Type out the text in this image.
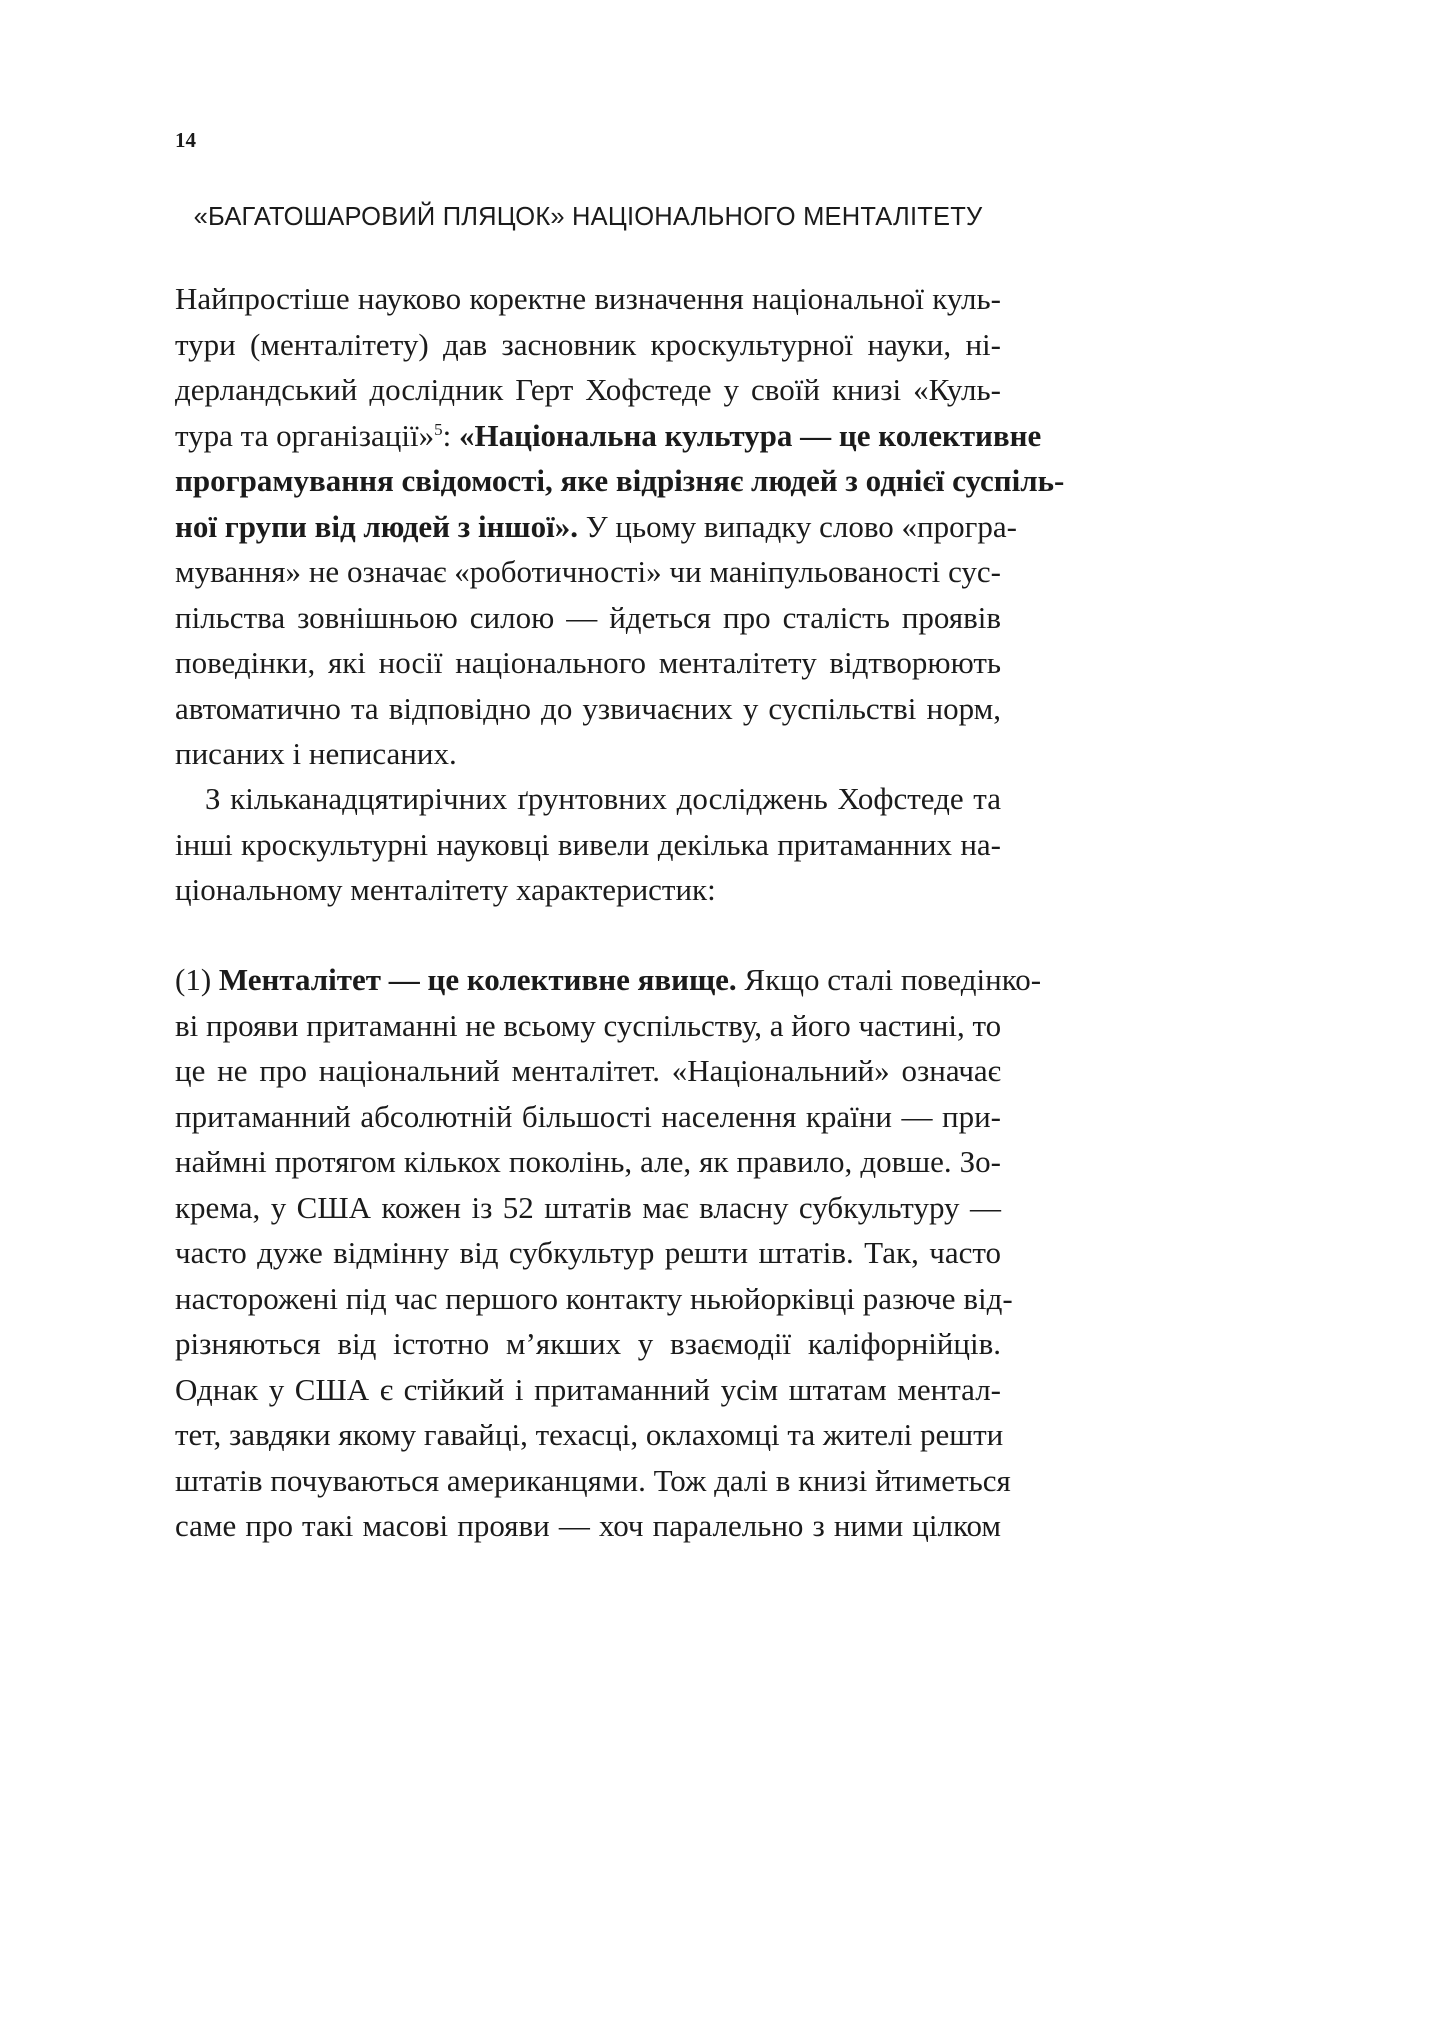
14
«БАГАТОШАРОВИЙ ПЛЯЦОК» НАЦІОНАЛЬНОГО МЕНТАЛІТЕТУ
Найпростіше науково коректне визначення національної куль-
тури (менталітету) дав засновник кроскультурної науки, ні-
дерландський дослідник Герт Хофстеде у своїй книзі «Куль-
тура та організації»$^5$: «Національна культура — це колективне
програмування свідомості, яке відрізняє людей з однієї суспіль-
ної групи від людей з іншої». У цьому випадку слово «програ-
мування» не означає «роботичності» чи маніпульованості сус-
пільства зовнішньою силою — йдеться про сталість проявів
поведінки, які носії національного менталітету відтворюють
автоматично та відповідно до узвичаєних у суспільстві норм,
писаних і неписаних.
З кільканадцятирічних ґрунтовних досліджень Хофстеде та
інші кроскультурні науковці вивели декілька притаманних на-
ціональному менталітету характеристик:
(1) Менталітет — це колективне явище. Якщо сталі поведінко-
ві прояви притаманні не всьому суспільству, а його частині, то
це не про національний менталітет. «Національний» означає
притаманний абсолютній більшості населення країни — при-
наймні протягом кількох поколінь, але, як правило, довше. Зо-
крема, у США кожен із 52 штатів має власну субкультуру —
часто дуже відмінну від субкультур решти штатів. Так, часто
насторожені під час першого контакту ньюйорківці разюче від-
різняються від істотно м’якших у взаємодії каліфорнійців.
Однак у США є стійкий і притаманний усім штатам ментал-
тет, завдяки якому гавайці, техасці, оклахомці та жителі решти
штатів почуваються американцями. Тож далі в книзі йтиметься
саме про такі масові прояви — хоч паралельно з ними цілком
